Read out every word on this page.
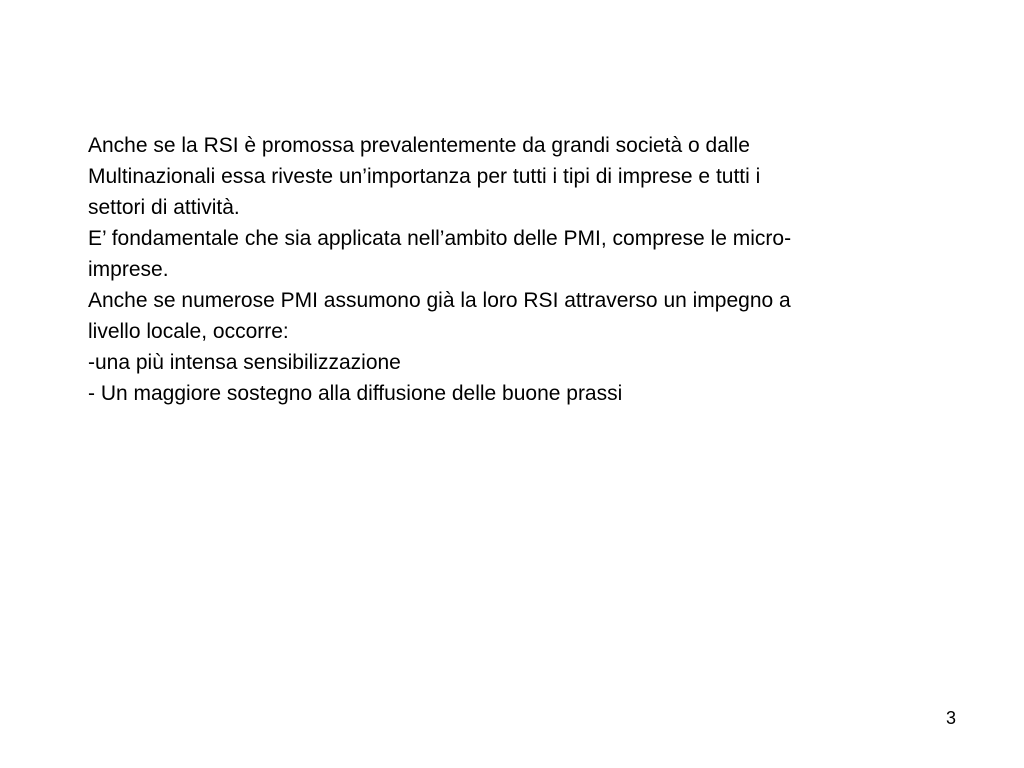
Anche se la RSI è promossa prevalentemente da grandi società o dalle
Multinazionali essa riveste un’importanza per tutti i tipi di imprese e tutti i
settori di attività.
E’ fondamentale che sia applicata nell’ambito delle PMI, comprese le micro-
imprese.
Anche se numerose PMI assumono già la loro RSI attraverso un impegno a
livello locale, occorre:
-una più intensa sensibilizzazione
- Un maggiore sostegno alla diffusione delle buone prassi
3
